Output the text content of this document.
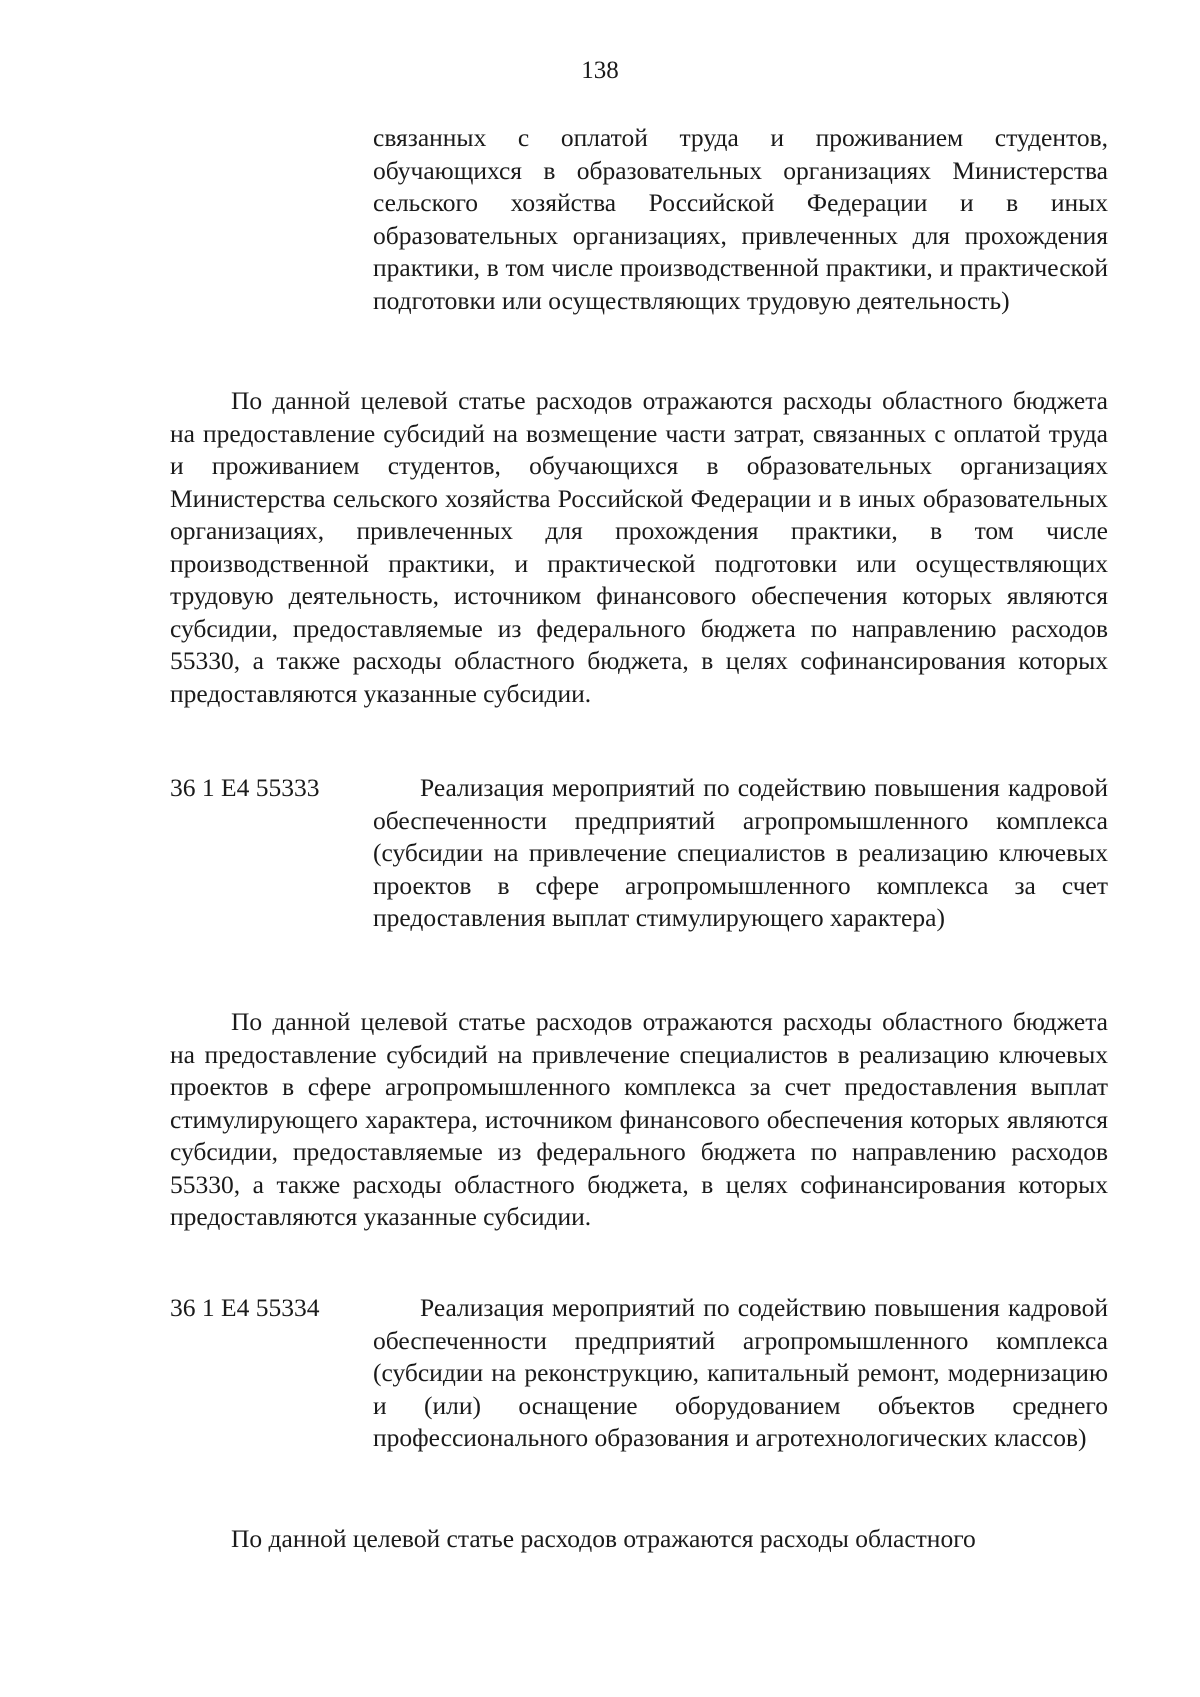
138
связанных с оплатой труда и проживанием студентов, обучающихся в образовательных организациях Министерства сельского хозяйства Российской Федерации и в иных образовательных организациях, привлеченных для прохождения практики, в том числе производственной практики, и практической подготовки или осуществляющих трудовую деятельность)
По данной целевой статье расходов отражаются расходы областного бюджета на предоставление субсидий на возмещение части затрат, связанных с оплатой труда и проживанием студентов, обучающихся в образовательных организациях Министерства сельского хозяйства Российской Федерации и в иных образовательных организациях, привлеченных для прохождения практики, в том числе производственной практики, и практической подготовки или осуществляющих трудовую деятельность, источником финансового обеспечения которых являются субсидии, предоставляемые из федерального бюджета по направлению расходов 55330, а также расходы областного бюджета, в целях софинансирования которых предоставляются указанные субсидии.
36 1 Е4 55333	Реализация мероприятий по содействию повышения кадровой обеспеченности предприятий агропромышленного комплекса (субсидии на привлечение специалистов в реализацию ключевых проектов в сфере агропромышленного комплекса за счет предоставления выплат стимулирующего характера)
По данной целевой статье расходов отражаются расходы областного бюджета на предоставление субсидий на привлечение специалистов в реализацию ключевых проектов в сфере агропромышленного комплекса за счет предоставления выплат стимулирующего характера, источником финансового обеспечения которых являются субсидии, предоставляемые из федерального бюджета по направлению расходов 55330, а также расходы областного бюджета, в целях софинансирования которых предоставляются указанные субсидии.
36 1 Е4 55334	Реализация мероприятий по содействию повышения кадровой обеспеченности предприятий агропромышленного комплекса (субсидии на реконструкцию, капитальный ремонт, модернизацию и (или) оснащение оборудованием объектов среднего профессионального образования и агротехнологических классов)
По данной целевой статье расходов отражаются расходы областного
